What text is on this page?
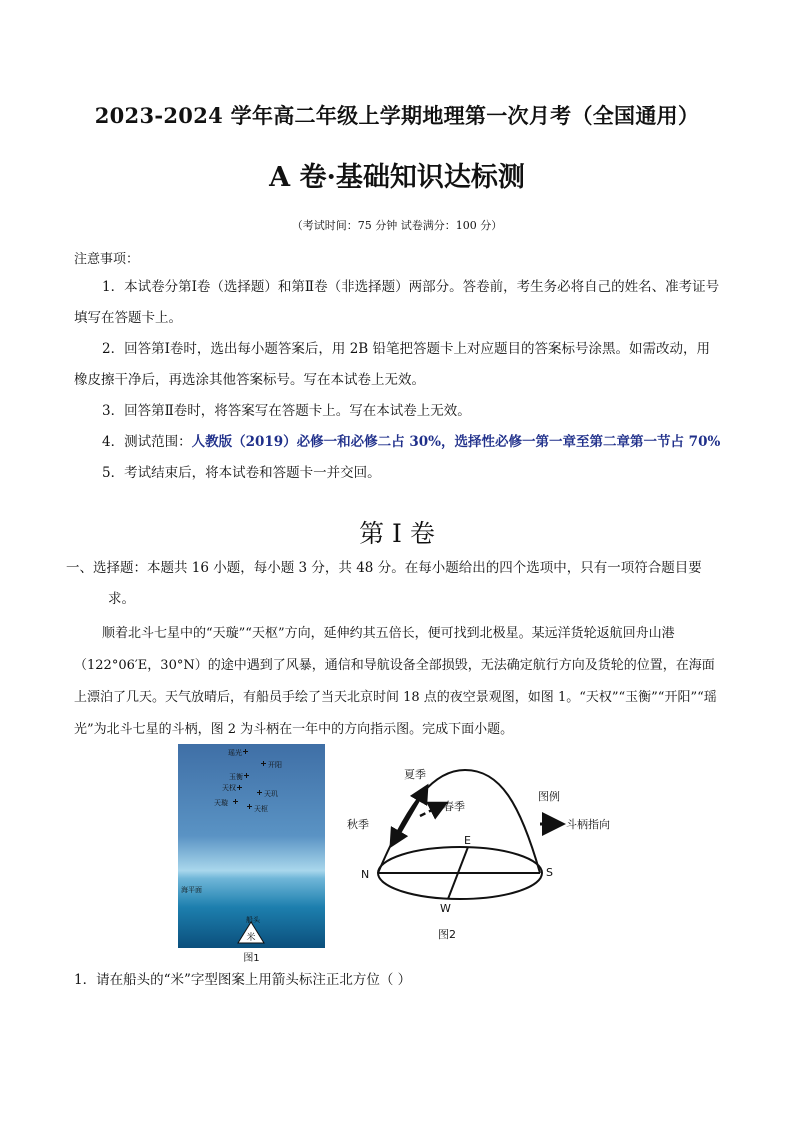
2023-2024 学年高二年级上学期地理第一次月考（全国通用）
A 卷·基础知识达标测
（考试时间：75 分钟 试卷满分：100 分）
注意事项：
1．本试卷分第Ⅰ卷（选择题）和第Ⅱ卷（非选择题）两部分。答卷前，考生务必将自己的姓名、准考证号填写在答题卡上。
2．回答第Ⅰ卷时，选出每小题答案后，用 2B 铅笔把答题卡上对应题目的答案标号涂黑。如需改动，用橡皮擦干净后，再选涂其他答案标号。写在本试卷上无效。
3．回答第Ⅱ卷时，将答案写在答题卡上。写在本试卷上无效。
4．测试范围：人教版（2019）必修一和必修二占 30%，选择性必修一第一章至第二章第一节占 70%
5．考试结束后，将本试卷和答题卡一并交回。
第 I 卷
一、选择题：本题共 16 小题，每小题 3 分，共 48 分。在每小题给出的四个选项中，只有一项符合题目要
求。
顺着北斗七星中的“天璇”“天枢”方向，延伸约其五倍长，便可找到北极星。某远洋货轮返航回舟山港（122°06′E，30°N）的途中遇到了风暴，通信和导航设备全部损毁，无法确定航行方向及货轮的位置，在海面上漂泊了几天。天气放晴后，有船员手绘了当天北京时间 18 点的夜空景观图，如图 1。“天权”“玉衡”“开阳”“瑶光”为北斗七星的斗柄，图 2 为斗柄在一年中的方向指示图。完成下面小题。
瑶光
开阳
玉衡
天权
天玑
天璇
天枢
海平面
船头
米
图1
夏季
春季
秋季
N	S
E
W
图例
斗柄指向
图2
1．请在船头的“米”字型图案上用箭头标注正北方位（ ）
